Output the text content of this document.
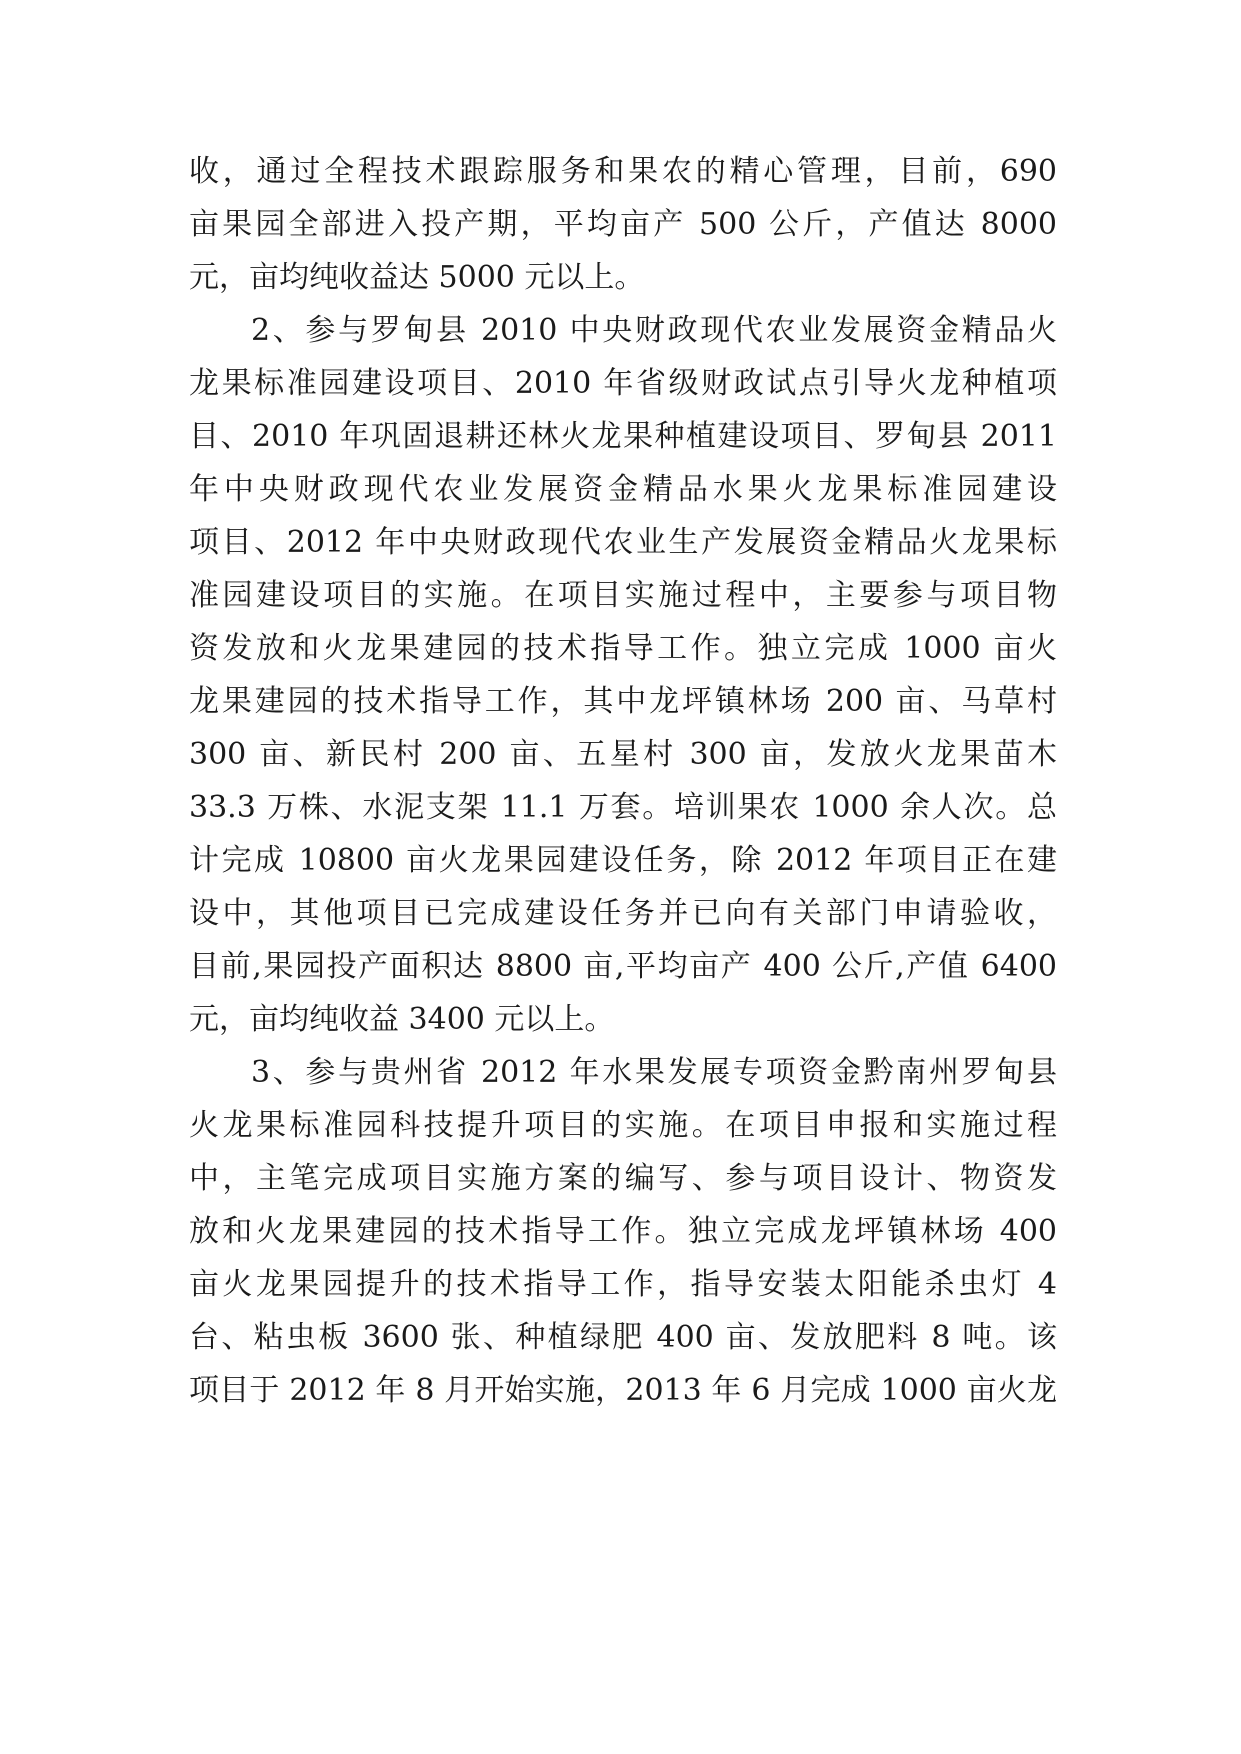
收，通过全程技术跟踪服务和果农的精心管理，目前，690
亩果园全部进入投产期，平均亩产 500 公斤，产值达 8000
元，亩均纯收益达 5000 元以上。
2、参与罗甸县 2010 中央财政现代农业发展资金精品火
龙果标准园建设项目、2010 年省级财政试点引导火龙种植项
目、2010 年巩固退耕还林火龙果种植建设项目、罗甸县 2011
年中央财政现代农业发展资金精品水果火龙果标准园建设
项目、2012 年中央财政现代农业生产发展资金精品火龙果标
准园建设项目的实施。在项目实施过程中，主要参与项目物
资发放和火龙果建园的技术指导工作。独立完成 1000 亩火
龙果建园的技术指导工作，其中龙坪镇林场 200 亩、马草村
300 亩、新民村 200 亩、五星村 300 亩，发放火龙果苗木
33.3 万株、水泥支架 11.1 万套。培训果农 1000 余人次。总
计完成 10800 亩火龙果园建设任务，除 2012 年项目正在建
设中，其他项目已完成建设任务并已向有关部门申请验收，
目前,果园投产面积达 8800 亩,平均亩产 400 公斤,产值 6400
元，亩均纯收益 3400 元以上。
3、参与贵州省 2012 年水果发展专项资金黔南州罗甸县
火龙果标准园科技提升项目的实施。在项目申报和实施过程
中，主笔完成项目实施方案的编写、参与项目设计、物资发
放和火龙果建园的技术指导工作。独立完成龙坪镇林场 400
亩火龙果园提升的技术指导工作，指导安装太阳能杀虫灯 4
台、粘虫板 3600 张、种植绿肥 400 亩、发放肥料 8 吨。该
项目于 2012 年 8 月开始实施，2013 年 6 月完成 1000 亩火龙
